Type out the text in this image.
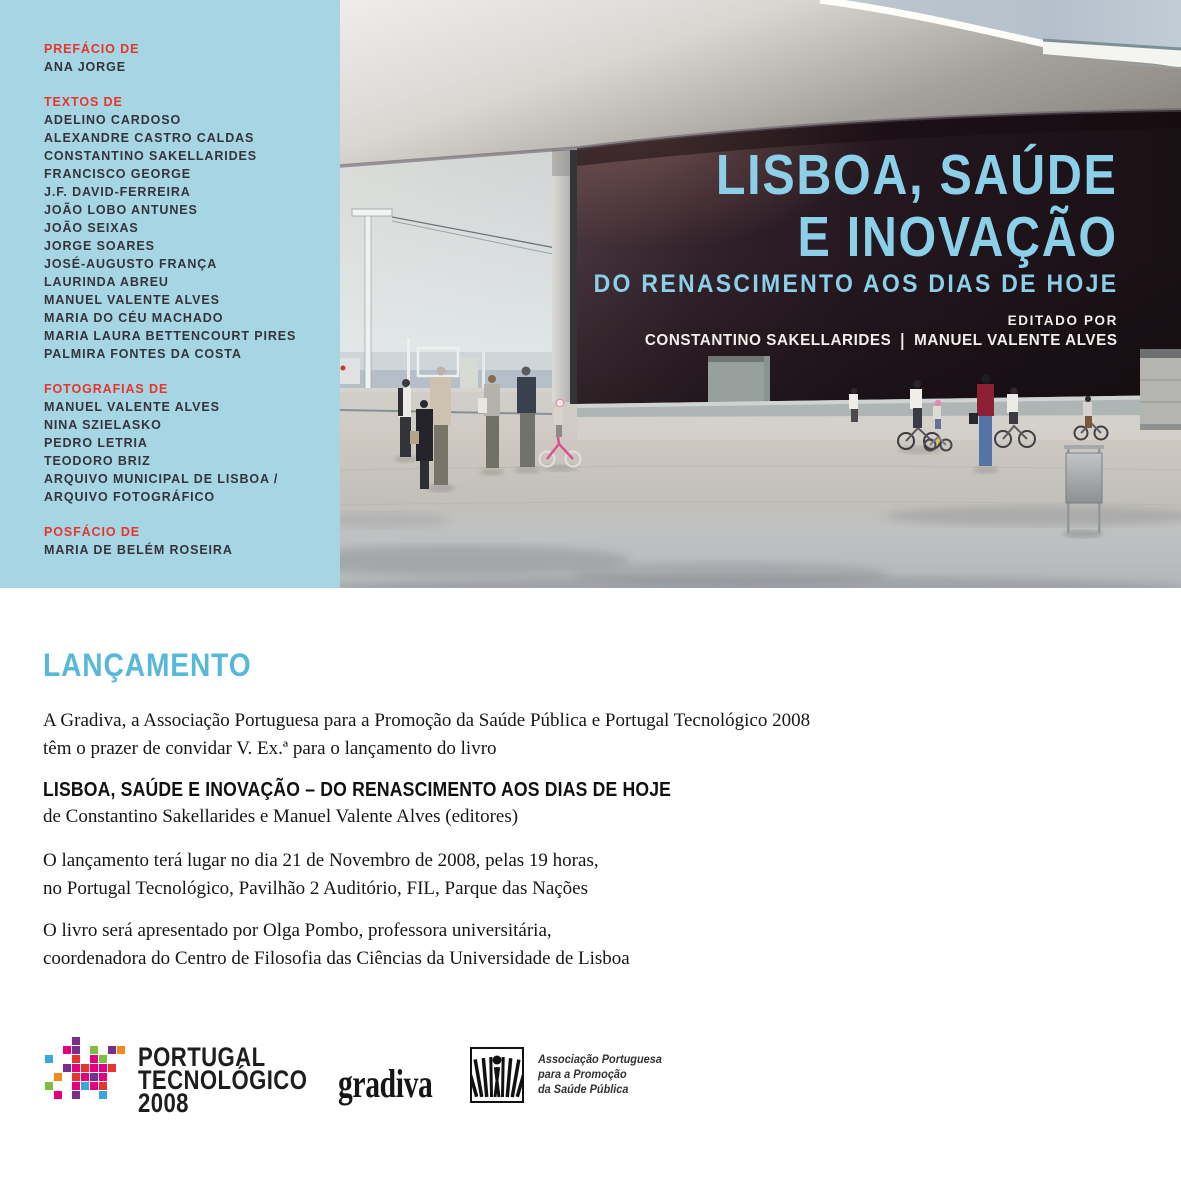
LISBOA, SAÚDE
E INOVAÇÃO
DO RENASCIMENTO AOS DIAS DE HOJE
EDITADO POR
CONSTANTINO SAKELLARIDES MANUEL VALENTE ALVES
PREFÁCIO DE
ANA JORGE
TEXTOS DE
ADELINO CARDOSO
ALEXANDRE CASTRO CALDAS
CONSTANTINO SAKELLARIDES
FRANCISCO GEORGE
J.F. DAVID-FERREIRA
JOÃO LOBO ANTUNES
JOÃO SEIXAS
JORGE SOARES
JOSÉ-AUGUSTO FRANÇA
LAURINDA ABREU
MANUEL VALENTE ALVES
MARIA DO CÉU MACHADO
MARIA LAURA BETTENCOURT PIRES
PALMIRA FONTES DA COSTA
FOTOGRAFIAS DE
MANUEL VALENTE ALVES
NINA SZIELASKO
PEDRO LETRIA
TEODORO BRIZ
ARQUIVO MUNICIPAL DE LISBOA /
ARQUIVO FOTOGRÁFICO
POSFÁCIO DE
MARIA DE BELÉM ROSEIRA
LANÇAMENTO

A Gradiva, a Associação Portuguesa para a Promoção da Saúde Pública e Portugal Tecnológico 2008
têm o prazer de convidar V. Ex.ª para o lançamento do livro

LISBOA, SAÚDE E INOVAÇÃO – DO RENASCIMENTO AOS DIAS DE HOJE

de Constantino Sakellarides e Manuel Valente Alves (editores)

O lançamento terá lugar no dia 21 de Novembro de 2008, pelas 19 horas,
no Portugal Tecnológico, Pavilhão 2 Auditório, FIL, Parque das Nações

O livro será apresentado por Olga Pombo, professora universitária,
coordenadora do Centro de Filosofia das Ciências da Universidade de Lisboa

PORTUGAL
TECNOLÓGICO
2008	gradiva
Associação Portuguesa
para a Promoção
da Saúde Pública
